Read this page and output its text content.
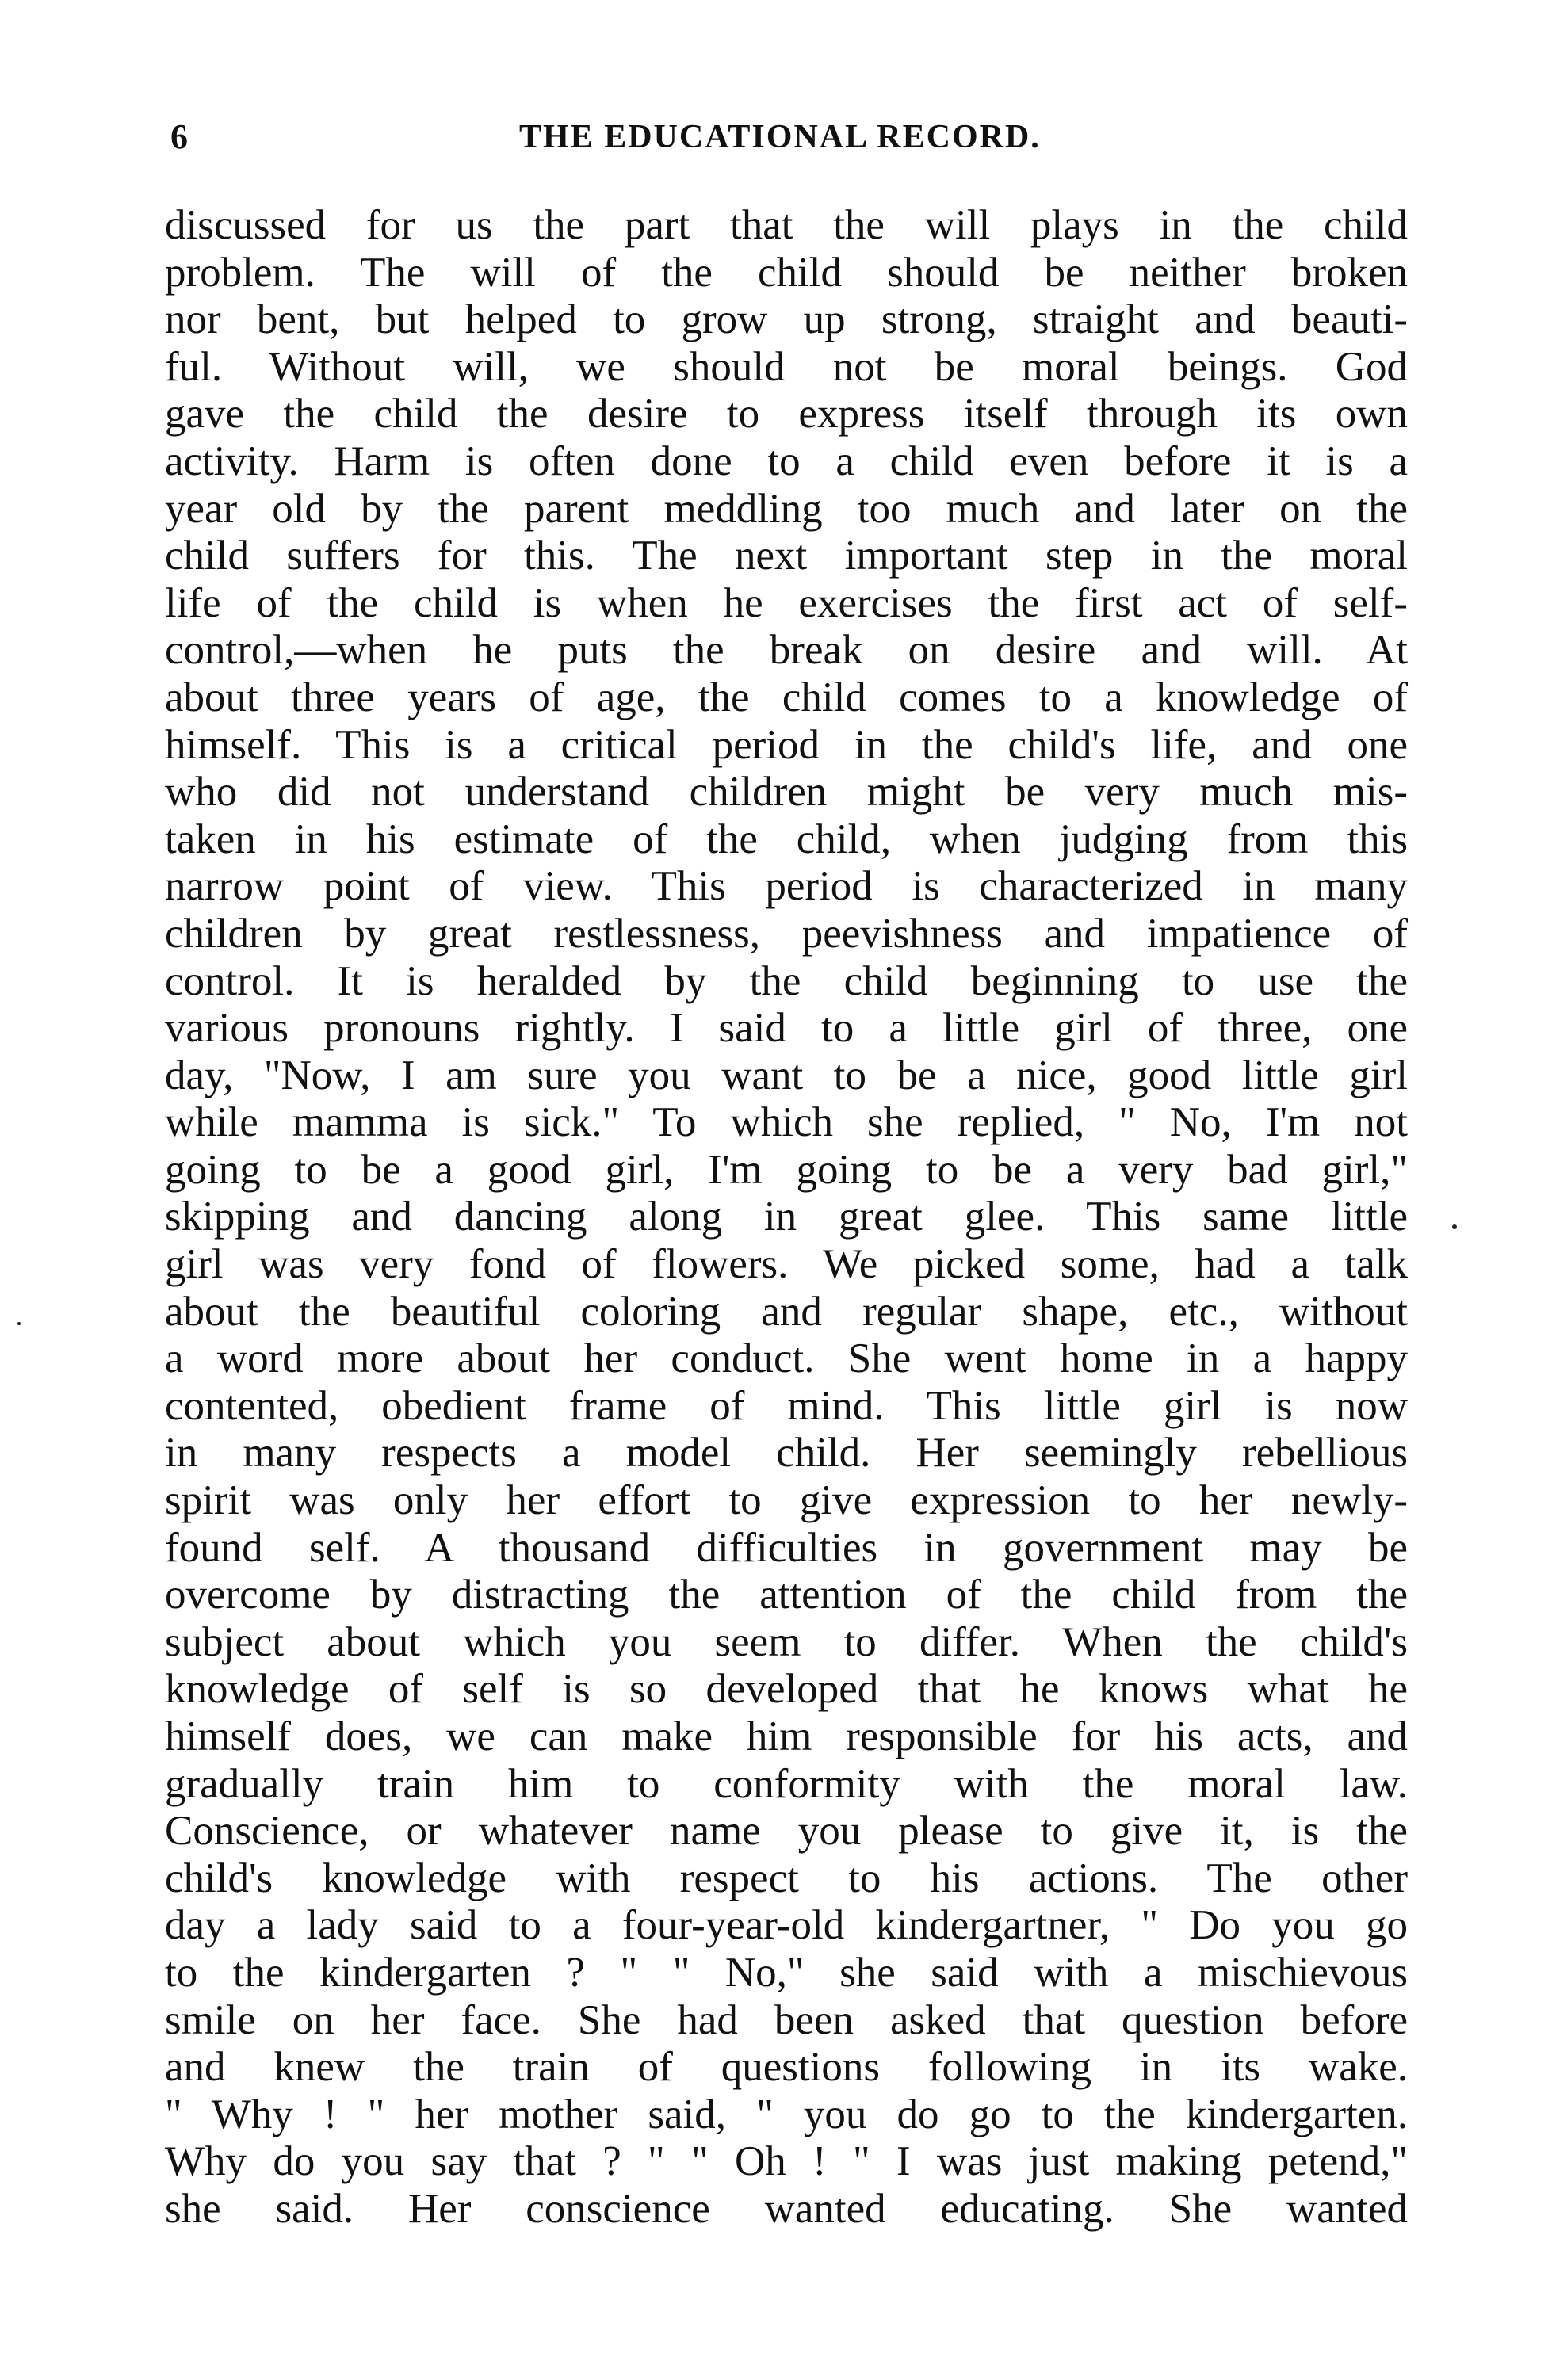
6	THE EDUCATIONAL RECORD.
discussed for us the part that the will plays in the child
problem. The will of the child should be neither broken
nor bent, but helped to grow up strong, straight and beauti-
ful. Without will, we should not be moral beings. God
gave the child the desire to express itself through its own
activity. Harm is often done to a child even before it is a
year old by the parent meddling too much and later on the
child suffers for this. The next important step in the moral
life of the child is when he exercises the first act of self-
control,—when he puts the break on desire and will. At
about three years of age, the child comes to a knowledge of
himself. This is a critical period in the child's life, and one
who did not understand children might be very much mis-
taken in his estimate of the child, when judging from this
narrow point of view. This period is characterized in many
children by great restlessness, peevishness and impatience of
control. It is heralded by the child beginning to use the
various pronouns rightly. I said to a little girl of three, one
day, "Now, I am sure you want to be a nice, good little girl
while mamma is sick." To which she replied, " No, I'm not
going to be a good girl, I'm going to be a very bad girl,"
skipping and dancing along in great glee. This same little
girl was very fond of flowers. We picked some, had a talk
about the beautiful coloring and regular shape, etc., without
a word more about her conduct. She went home in a happy
contented, obedient frame of mind. This little girl is now
in many respects a model child. Her seemingly rebellious
spirit was only her effort to give expression to her newly-
found self. A thousand difficulties in government may be
overcome by distracting the attention of the child from the
subject about which you seem to differ. When the child's
knowledge of self is so developed that he knows what he
himself does, we can make him responsible for his acts, and
gradually train him to conformity with the moral law.
Conscience, or whatever name you please to give it, is the
child's knowledge with respect to his actions. The other
day a lady said to a four-year-old kindergartner, " Do you go
to the kindergarten ? " " No," she said with a mischievous
smile on her face. She had been asked that question before
and knew the train of questions following in its wake.
" Why ! " her mother said, " you do go to the kindergarten.
Why do you say that ? " " Oh ! " I was just making petend,"
she said. Her conscience wanted educating. She wanted
